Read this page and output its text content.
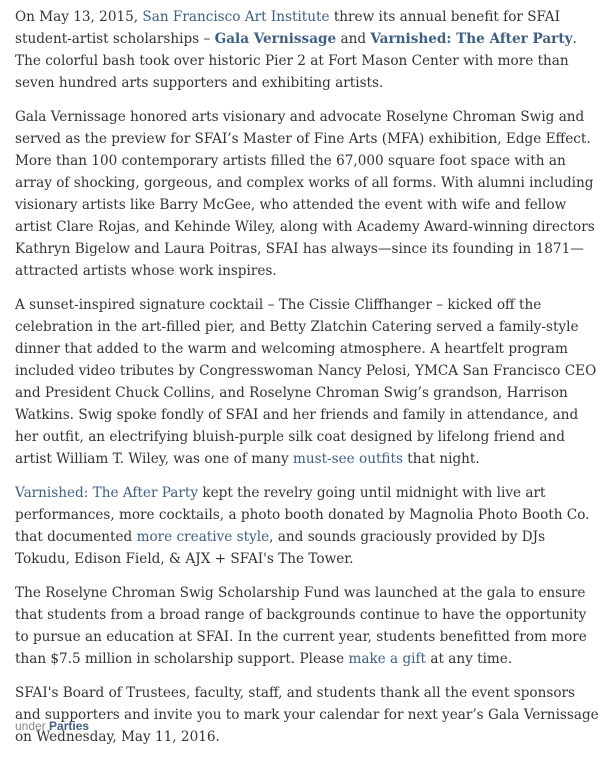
On May 13, 2015, San Francisco Art Institute threw its annual benefit for SFAI student-artist scholarships – Gala Vernissage and Varnished: The After Party. The colorful bash took over historic Pier 2 at Fort Mason Center with more than seven hundred arts supporters and exhibiting artists.

Gala Vernissage honored arts visionary and advocate Roselyne Chroman Swig and served as the preview for SFAI’s Master of Fine Arts (MFA) exhibition, Edge Effect. More than 100 contemporary artists filled the 67,000 square foot space with an array of shocking, gorgeous, and complex works of all forms. With alumni including visionary artists like Barry McGee, who attended the event with wife and fellow artist Clare Rojas, and Kehinde Wiley, along with Academy Award-winning directors Kathryn Bigelow and Laura Poitras, SFAI has always—since its founding in 1871—attracted artists whose work inspires.

A sunset-inspired signature cocktail – The Cissie Cliffhanger – kicked off the celebration in the art-filled pier, and Betty Zlatchin Catering served a family-style dinner that added to the warm and welcoming atmosphere. A heartfelt program included video tributes by Congresswoman Nancy Pelosi, YMCA San Francisco CEO and President Chuck Collins, and Roselyne Chroman Swig’s grandson, Harrison Watkins. Swig spoke fondly of SFAI and her friends and family in attendance, and her outfit, an electrifying bluish-purple silk coat designed by lifelong friend and artist William T. Wiley, was one of many must-see outfits that night.

Varnished: The After Party kept the revelry going until midnight with live art performances, more cocktails, a photo booth donated by Magnolia Photo Booth Co. that documented more creative style, and sounds graciously provided by DJs Tokudu, Edison Field, & AJX + SFAI's The Tower.

The Roselyne Chroman Swig Scholarship Fund was launched at the gala to ensure that students from a broad range of backgrounds continue to have the opportunity to pursue an education at SFAI. In the current year, students benefitted from more than $7.5 million in scholarship support. Please make a gift at any time.

SFAI's Board of Trustees, faculty, staff, and students thank all the event sponsors and supporters and invite you to mark your calendar for next year’s Gala Vernissage on Wednesday, May 11, 2016.

under Parties
